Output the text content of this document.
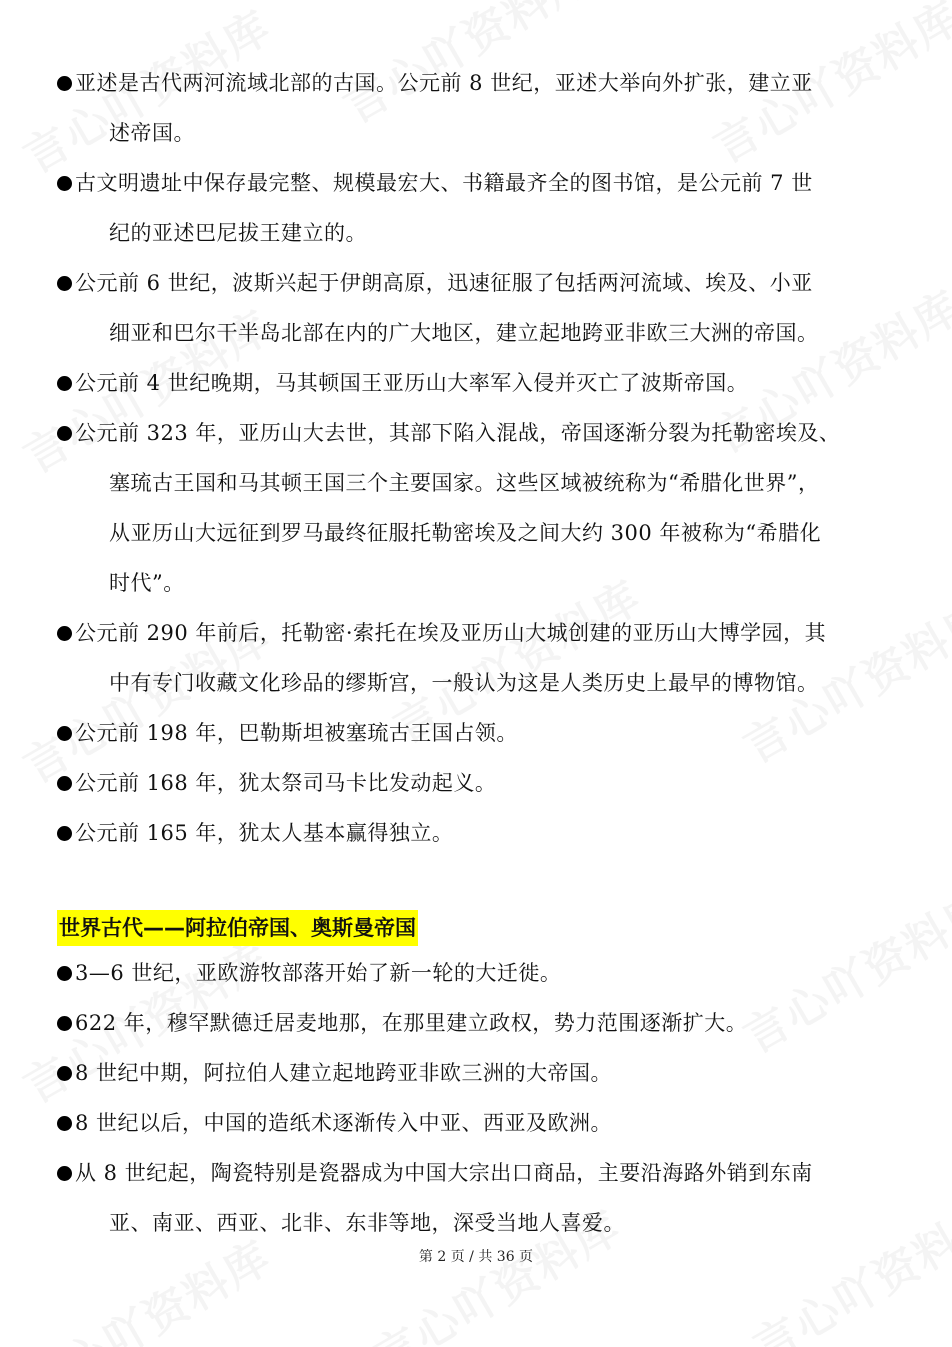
亚述是古代两河流域北部的古国。公元前 8 世纪，亚述大举向外扩张，建立亚
述帝国。
古文明遗址中保存最完整、规模最宏大、书籍最齐全的图书馆，是公元前 7 世
纪的亚述巴尼拔王建立的。
公元前 6 世纪，波斯兴起于伊朗高原，迅速征服了包括两河流域、埃及、小亚
细亚和巴尔干半岛北部在内的广大地区，建立起地跨亚非欧三大洲的帝国。
公元前 4 世纪晚期，马其顿国王亚历山大率军入侵并灭亡了波斯帝国。
公元前 323 年，亚历山大去世，其部下陷入混战，帝国逐渐分裂为托勒密埃及、
塞琉古王国和马其顿王国三个主要国家。这些区域被统称为“希腊化世界”，
从亚历山大远征到罗马最终征服托勒密埃及之间大约 300 年被称为“希腊化
时代”。
公元前 290 年前后，托勒密·索托在埃及亚历山大城创建的亚历山大博学园，其
中有专门收藏文化珍品的缪斯宫，一般认为这是人类历史上最早的博物馆。
公元前 198 年，巴勒斯坦被塞琉古王国占领。
公元前 168 年，犹太祭司马卡比发动起义。
公元前 165 年，犹太人基本赢得独立。
世界古代——阿拉伯帝国、奥斯曼帝国
3—6 世纪，亚欧游牧部落开始了新一轮的大迁徙。
622 年，穆罕默德迁居麦地那，在那里建立政权，势力范围逐渐扩大。
8 世纪中期，阿拉伯人建立起地跨亚非欧三洲的大帝国。
8 世纪以后，中国的造纸术逐渐传入中亚、西亚及欧洲。
从 8 世纪起，陶瓷特别是瓷器成为中国大宗出口商品，主要沿海路外销到东南
亚、南亚、西亚、北非、东非等地，深受当地人喜爱。
第 2 页 / 共 36 页
